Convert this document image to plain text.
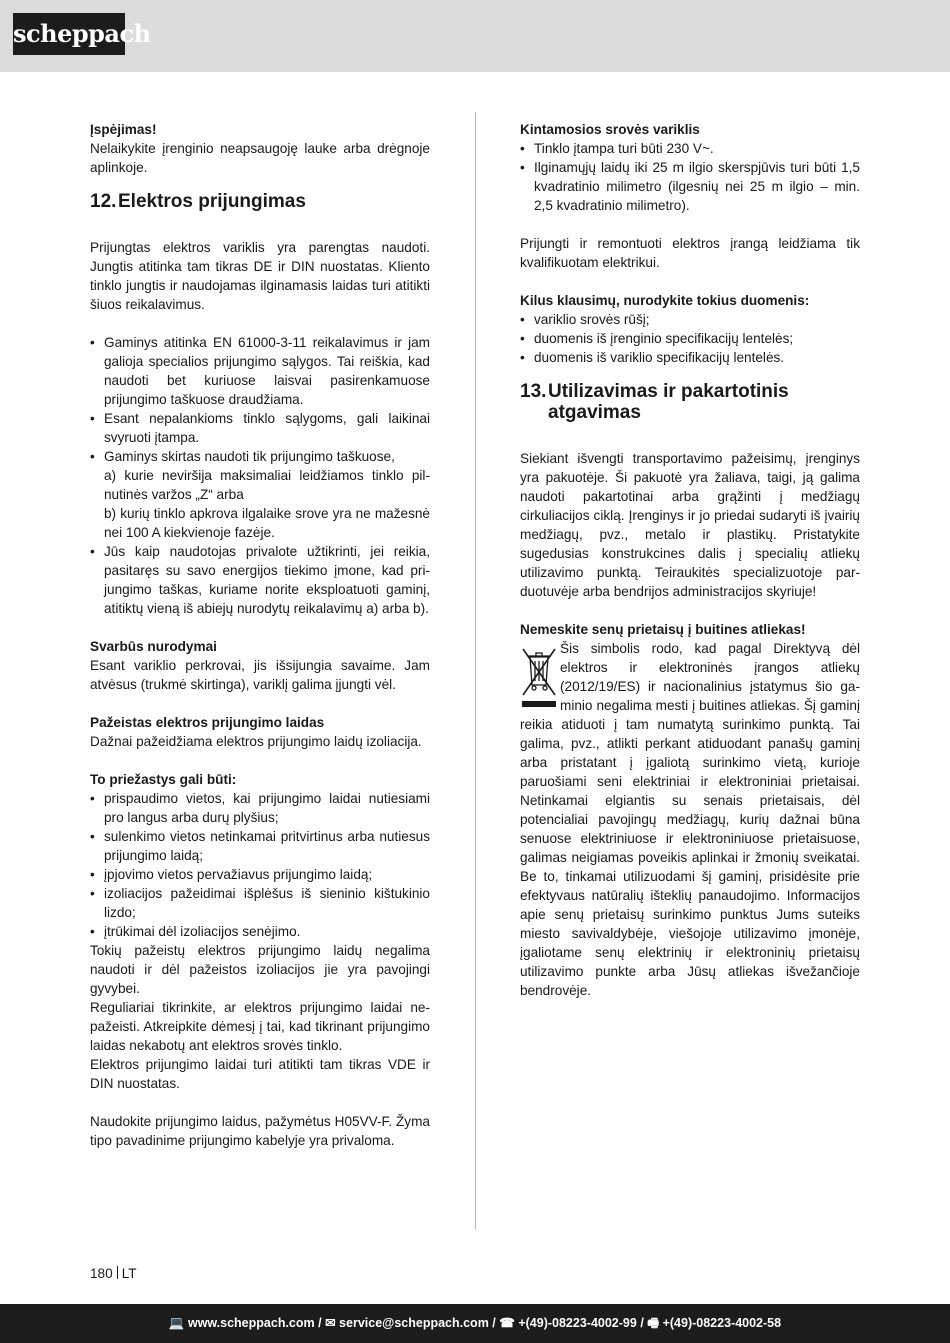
scheppach

Įspėjimas!

Nelaikykite įrenginio neapsaugoję lauke arba drėgnoje aplinkoje.

12. Elektros prijungimas

Prijungtas elektros variklis yra parengtas naudoti. Jungtis atitinka tam tikras DE ir DIN nuostatas. Kliento tinklo jungtis ir naudojamas ilginamasis laidas turi atitikti šiuos reikalavimus.

• Gaminys atitinka EN 61000-3-11 reikalavimus ir jam galioja specialios prijungimo sąlygos. Tai reiškia, kad naudoti bet kuriuose laisvai pasirenkamuose prijungimo taškuose draudžiama.
• Esant nepalankioms tinklo sąlygoms, gali laikinai svyruoti įtampa.
• Gaminys skirtas naudoti tik prijungimo taškuose,
a) kurie neviršija maksimaliai leidžiamos tinklo pilnutinės varžos „Z“ arba
b) kurių tinklo apkrova ilgalaike srove yra ne mažesnė nei 100 A kiekvienoje fazėje.
• Jūs kaip naudotojas privalote užtikrinti, jei reikia, pasitaręs su savo energijos tiekimo įmone, kad prijungimo taškas, kuriame norite eksploatuoti gaminį, atitiktų vieną iš abiejų nurodytų reikalavimų a) arba b).

Svarbūs nurodymai

Esant variklio perkrovai, jis išsijungia savaime. Jam atvėsus (trukmė skirtinga), variklį galima įjungti vėl.

Pažeistas elektros prijungimo laidas

Dažnai pažeidžiama elektros prijungimo laidų izoliacija.

To priežastys gali būti:

• prispaudimo vietos, kai prijungimo laidai nutiesiami pro langus arba durų plyšius;
• sulenkimo vietos netinkamai pritvirtinus arba nutiesus prijungimo laidą;
• įpjovimo vietos pervažiavus prijungimo laidą;
• izoliacijos pažeidimai išplėšus iš sieninio kištukinio lizdo;
• įtrūkimai dėl izoliacijos senėjimo.

Tokių pažeistų elektros prijungimo laidų negalima naudoti ir dėl pažeistos izoliacijos jie yra pavojingi gyvybei.

Reguliariai tikrinkite, ar elektros prijungimo laidai nepažeisti. Atkreipkite dėmesį į tai, kad tikrinant prijungimo laidas nekabotų ant elektros srovės tinklo.

Elektros prijungimo laidai turi atitikti tam tikras VDE ir DIN nuostatas.

Naudokite prijungimo laidus, pažymėtus H05VV-F. Žyma tipo pavadinime prijungimo kabelyje yra privaloma.

Kintamosios srovės variklis

• Tinklo įtampa turi būti 230 V~.
• Ilginamųjų laidų iki 25 m ilgio skerspjūvis turi būti 1,5 kvadratinio milimetro (ilgesnių nei 25 m ilgio – min. 2,5 kvadratinio milimetro).

Prijungti ir remontuoti elektros įrangą leidžiama tik kvalifikuotam elektrikui.

Kilus klausimų, nurodykite tokius duomenis:

• variklio srovės rūšį;
• duomenis iš įrenginio specifikacijų lentelės;
• duomenis iš variklio specifikacijų lentelės.
13. Utilizavimas ir pakartotinis atgavimas

Siekiant išvengti transportavimo pažeisimų, įrenginys yra pakuotėje. Ši pakuotė yra žaliava, taigi, ją galima naudoti pakartotinai arba grąžinti į medžiagų cirkuliacijos ciklą. Įrenginys ir jo priedai sudaryti iš įvairių medžiagų, pvz., metalo ir plastikų. Pristatykite sugedusias konstrukcines dalis į specialių atliekų utilizavimo punktą. Teiraukitės specializuotoje parduotuvėje arba bendrijos administracijos skyriuje!

Nemeskite senų prietaisų į buitines atliekas!

Šis simbolis rodo, kad pagal Direktyvą dėl elektros ir elektroninės įrangos atliekų (2012/19/ES) ir nacionalinius įstatymus šio gaminio negalima mesti į buitines atliekas. Šį gaminį reikia atiduoti į tam numatytą surinkimo punktą. Tai galima, pvz., atlikti perkant atiduodant panašų gaminį arba pristatant į įgaliotą surinkimo vietą, kurioje paruošiami seni elektriniai ir elektroniniai prietaisai. Netinkamai elgiantis su senais prietaisais, dėl potencialiai pavojingų medžiagų, kurių dažnai būna senuose elektriniuose ir elektroniniuose prietaisuose, galimas neigiamas poveikis aplinkai ir žmonių sveikatai. Be to, tinkamai utilizuodami šį gaminį, prisidėsite prie efektyvaus natūralių išteklių panaudojimo. Informacijos apie senų prietaisų surinkimo punktus Jums suteiks miesto savivaldybėje, viešojoje utilizavimo įmonėje, įgaliotame senų elektrinių ir elektroninių prietaisų utilizavimo punkte arba Jūsų atliekas išvežančioje bendrovėje.

180 LT
💻 www.scheppach.com / ✉ service@scheppach.com / ☎ +(49)-08223-4002-99 / 🖷 +(49)-08223-4002-58
